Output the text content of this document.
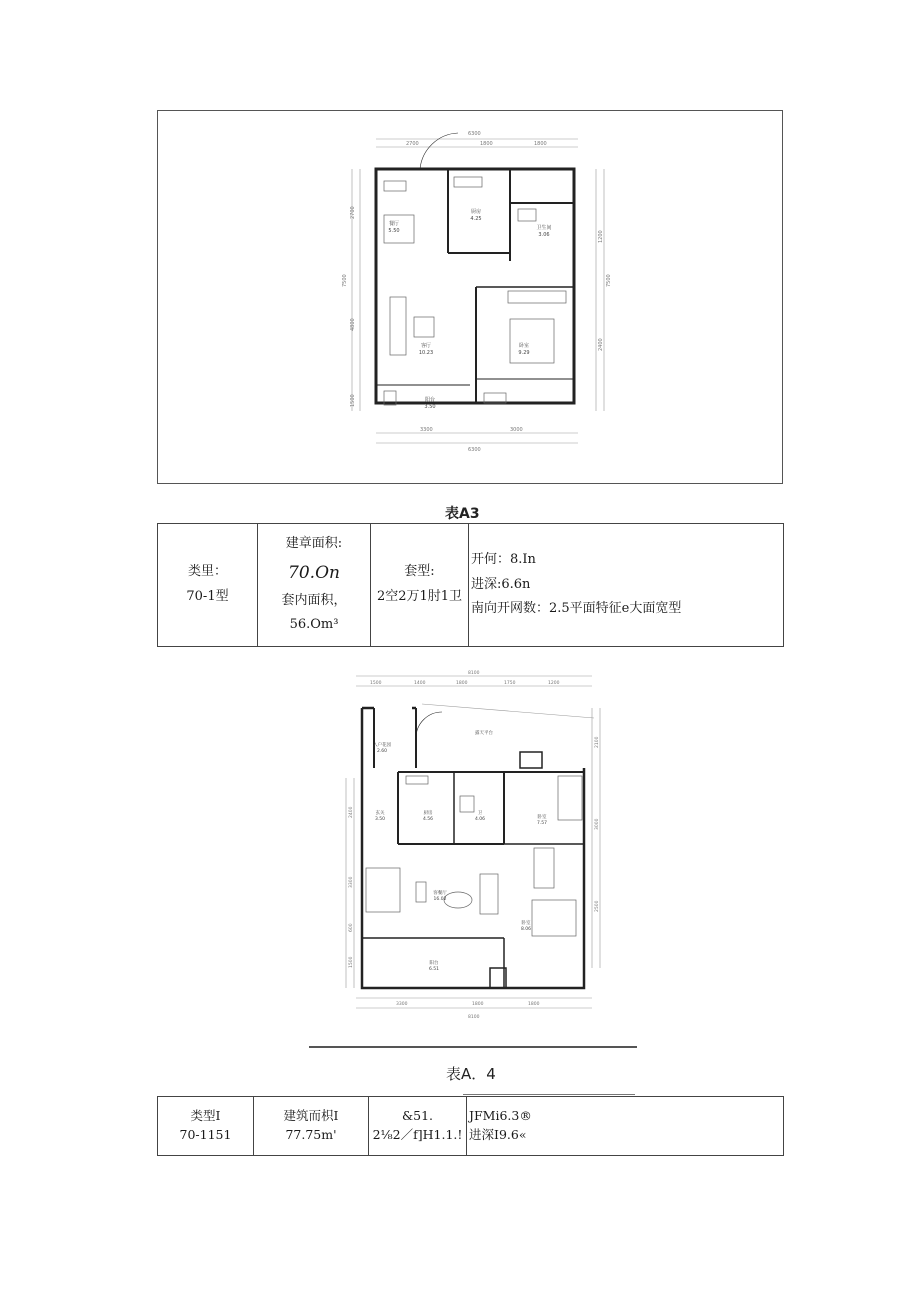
6300
2700	1800	1800
3300	3000
6300
2700
4800
1500
7500
1200
2400
7500
餐厅
5.50
厨房
4.25
卫生间
3.06
客厅
10.23
卧室
9.29
阳台
3.50
表A3
类里：
70-1型

建章面积:
70.On
套内面积，
56.Om³

套型:
2空2万1肘1卫

开何：8.In
进深:6.6n
南向开网数：2.5平面特征e大面宽型
8100
1500	1400	1800	1750	1200
3300	1800	1800
8100
2400
3300
600
1500
2100
3000
2500
入户花园
2.60
露天平台
玄关
3.50
厨房
4.56
卫
4.06	卧室
7.57
客餐厅
16.02
卧室
8.06
阳台
6.51
表A．4
类型I
70-1151

建筑而枳I
77.75m'

&51.
2⅛2／f]H1.1.!

JFMi6.3®
进深I9.6«
